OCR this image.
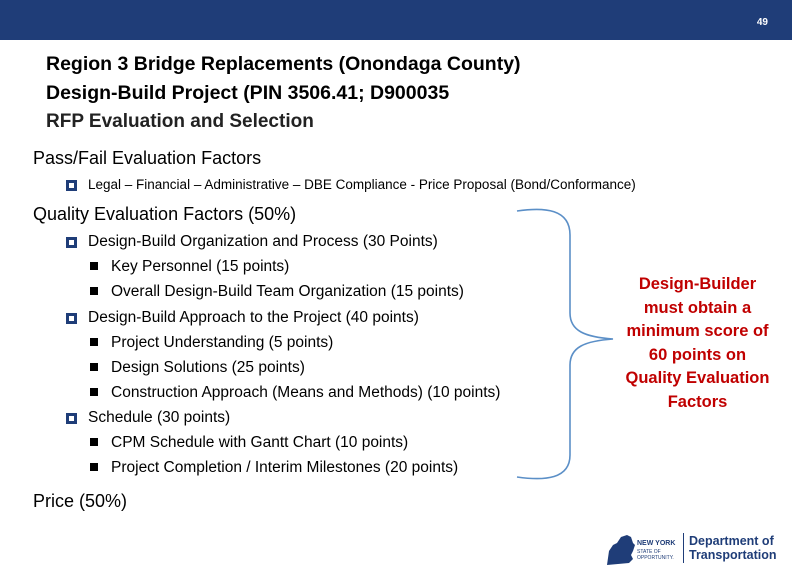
49
Region 3 Bridge Replacements (Onondaga County)
Design-Build Project (PIN 3506.41; D900035
RFP Evaluation and Selection
Pass/Fail Evaluation Factors
Legal – Financial – Administrative – DBE Compliance - Price Proposal (Bond/Conformance)
Quality Evaluation Factors (50%)
Design-Build Organization and Process (30 Points)
Key Personnel (15 points)
Overall Design-Build Team Organization (15 points)
Design-Build Approach to the Project (40 points)
Project Understanding (5 points)
Design Solutions (25 points)
Construction Approach (Means and Methods) (10 points)
Schedule (30 points)
CPM Schedule with Gantt Chart (10 points)
Project Completion / Interim Milestones (20 points)
Price (50%)
Design-Builder
must obtain a
minimum score of
60 points on
Quality Evaluation
Factors
NEW YORK
STATE OF
OPPORTUNITY.
Department of
Transportation
